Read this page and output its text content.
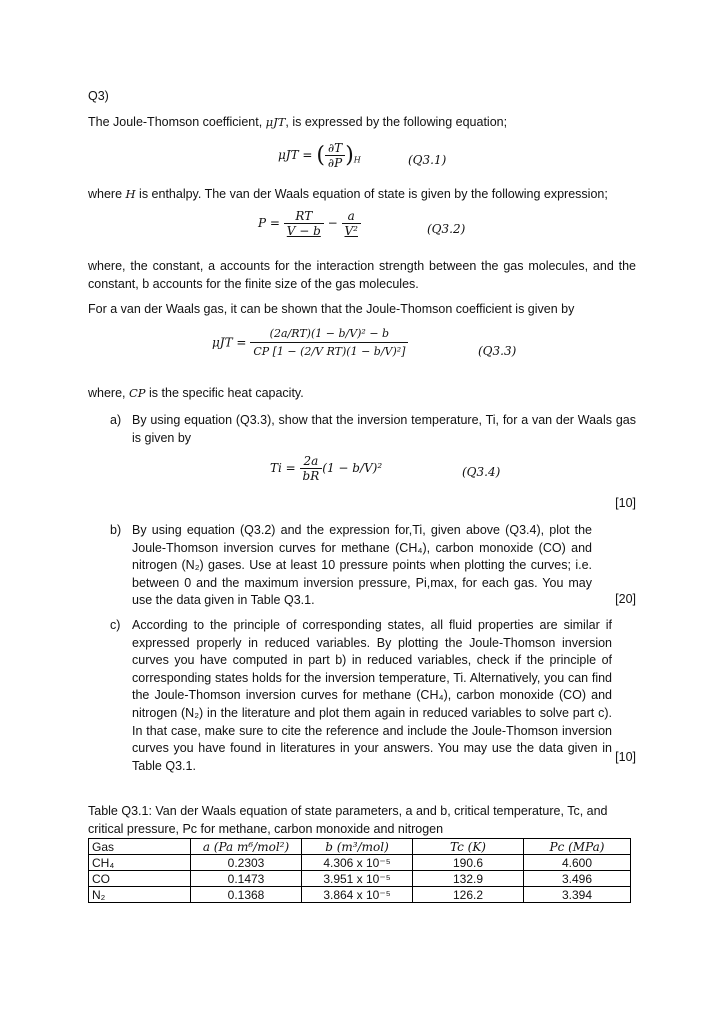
Q3)

The Joule-Thomson coefficient, μJT, is expressed by the following equation;

μJT = ( $\frac{\partial T}{\partial P} )_H$	(Q3.1)

where H is enthalpy. The van der Waals equation of state is given by the following expression;

$P = \frac{RT}{V - b} - \frac{a}{\text{V²}}$	(Q3.2)

where, the constant, a accounts for the interaction strength between the gas molecules, and the constant, b accounts for the finite size of the gas molecules.

For a van der Waals gas, it can be shown that the Joule-Thomson coefficient is given by

$\mu JT = \frac{\text{(2a/RT)(1 − b/V)² − b}}{\text{CP [1 − (2/V RT)(1 − b/V)²]}}$	(Q3.3)

where, CP is the specific heat capacity.

a) By using equation (Q3.3), show that the inversion temperature, Ti, for a van der Waals gas is given by
$Ti = \frac{2a}{bR} (1 - b/V)^2$	(Q3.4)
[10]
b) By using equation (Q3.2) and the expression for,Ti, given above (Q3.4), plot the Joule-Thomson inversion curves for methane (CH₄), carbon monoxide (CO) and nitrogen (N₂) gases. Use at least 10 pressure points when plotting the curves; i.e. between 0 and the maximum inversion pressure, Pi,max, for each gas. You may use the data given in Table Q3.1.	[20]
c) According to the principle of corresponding states, all fluid properties are similar if expressed properly in reduced variables. By plotting the Joule-Thomson inversion curves you have computed in part b) in reduced variables, check if the principle of corresponding states holds for the inversion temperature, Ti. Alternatively, you can find the Joule-Thomson inversion curves for methane (CH₄), carbon monoxide (CO) and nitrogen (N₂) in the literature and plot them again in reduced variables to solve part c). In that case, make sure to cite the reference and include the Joule-Thomson inversion curves you have found in literatures in your answers. You may use the data given in Table Q3.1.
[10]

Table Q3.1: Van der Waals equation of state parameters, a and b, critical temperature, Tc, and critical pressure, Pc for methane, carbon monoxide and nitrogen

Gas	a (Pa m⁶/mol²)	b (m³/mol)	Tc (K)	Pc (MPa)
CH₄	0.2303	4.306 x 10⁻⁵	190.6	4.600
CO	0.1473	3.951 x 10⁻⁵	132.9	3.496
N₂	0.1368	3.864 x 10⁻⁵	126.2	3.394
